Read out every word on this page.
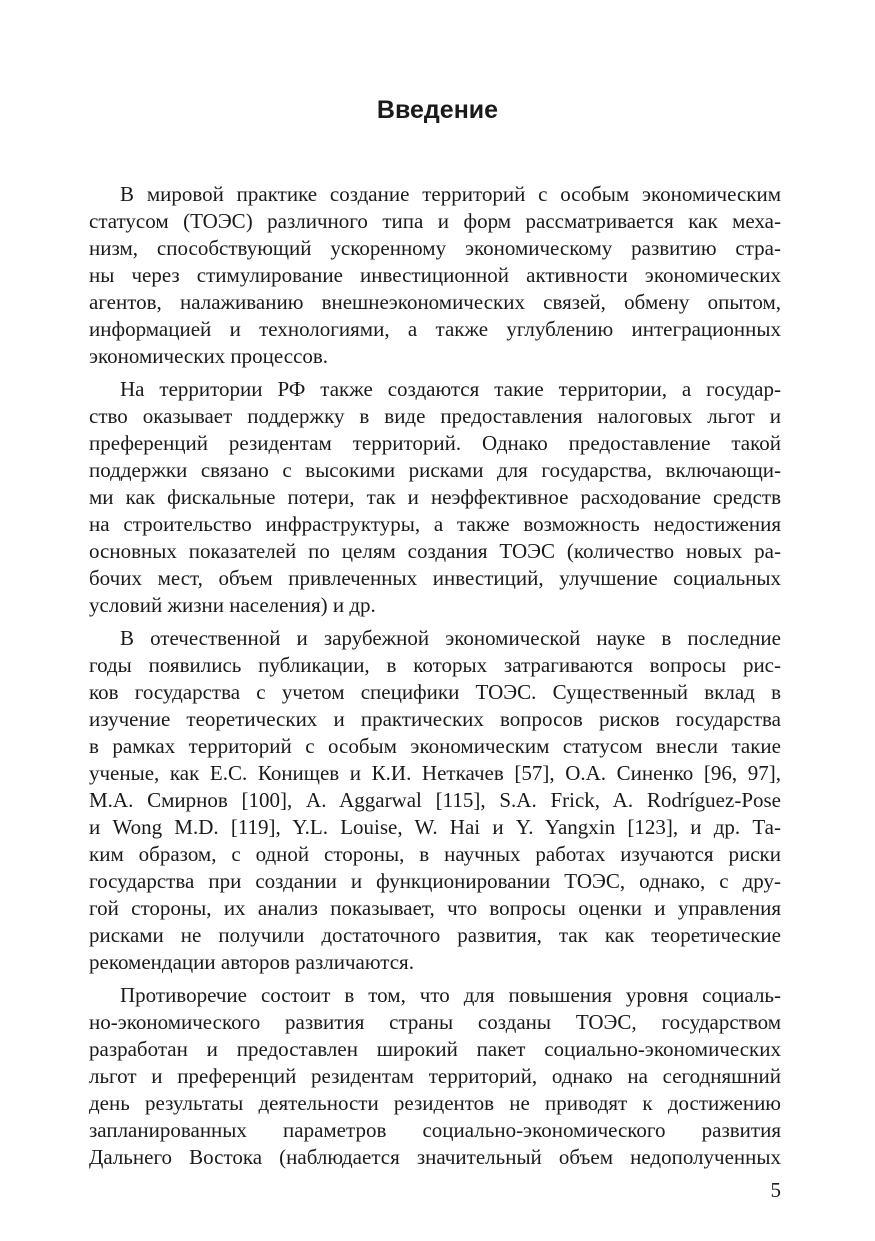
Введение

В мировой практике создание территорий с особым экономическим
статусом (ТОЭС) различного типа и форм рассматривается как меха-
низм, способствующий ускоренному экономическому развитию стра-
ны через стимулирование инвестиционной активности экономических
агентов, налаживанию внешнеэкономических связей, обмену опытом,
информацией и технологиями, а также углублению интеграционных
экономических процессов.

На территории РФ также создаются такие территории, а государ-
ство оказывает поддержку в виде предоставления налоговых льгот и
преференций резидентам территорий. Однако предоставление такой
поддержки связано с высокими рисками для государства, включающи-
ми как фискальные потери, так и неэффективное расходование средств
на строительство инфраструктуры, а также возможность недостижения
основных показателей по целям создания ТОЭС (количество новых ра-
бочих мест, объем привлеченных инвестиций, улучшение социальных
условий жизни населения) и др.

В отечественной и зарубежной экономической науке в последние
годы появились публикации, в которых затрагиваются вопросы рис-
ков государства с учетом специфики ТОЭС. Существенный вклад в
изучение теоретических и практических вопросов рисков государства
в рамках территорий с особым экономическим статусом внесли такие
ученые, как Е.С. Конищев и К.И. Неткачев [57], О.А. Синенко [96, 97],
М.А. Смирнов [100], A. Aggarwal [115], S.A. Frick, A. Rodríguez-Pose
и Wong M.D. [119], Y.L. Louise, W. Hai и Y. Yangxin [123], и др. Та-
ким образом, с одной стороны, в научных работах изучаются риски
государства при создании и функционировании ТОЭС, однако, с дру-
гой стороны, их анализ показывает, что вопросы оценки и управления
рисками не получили достаточного развития, так как теоретические
рекомендации авторов различаются.

Противоречие состоит в том, что для повышения уровня социаль-
но-экономического развития страны созданы ТОЭС, государством
разработан и предоставлен широкий пакет социально-экономических
льгот и преференций резидентам территорий, однако на сегодняшний
день результаты деятельности резидентов не приводят к достижению
запланированных параметров социально-экономического развития
Дальнего Востока (наблюдается значительный объем недополученных

5
